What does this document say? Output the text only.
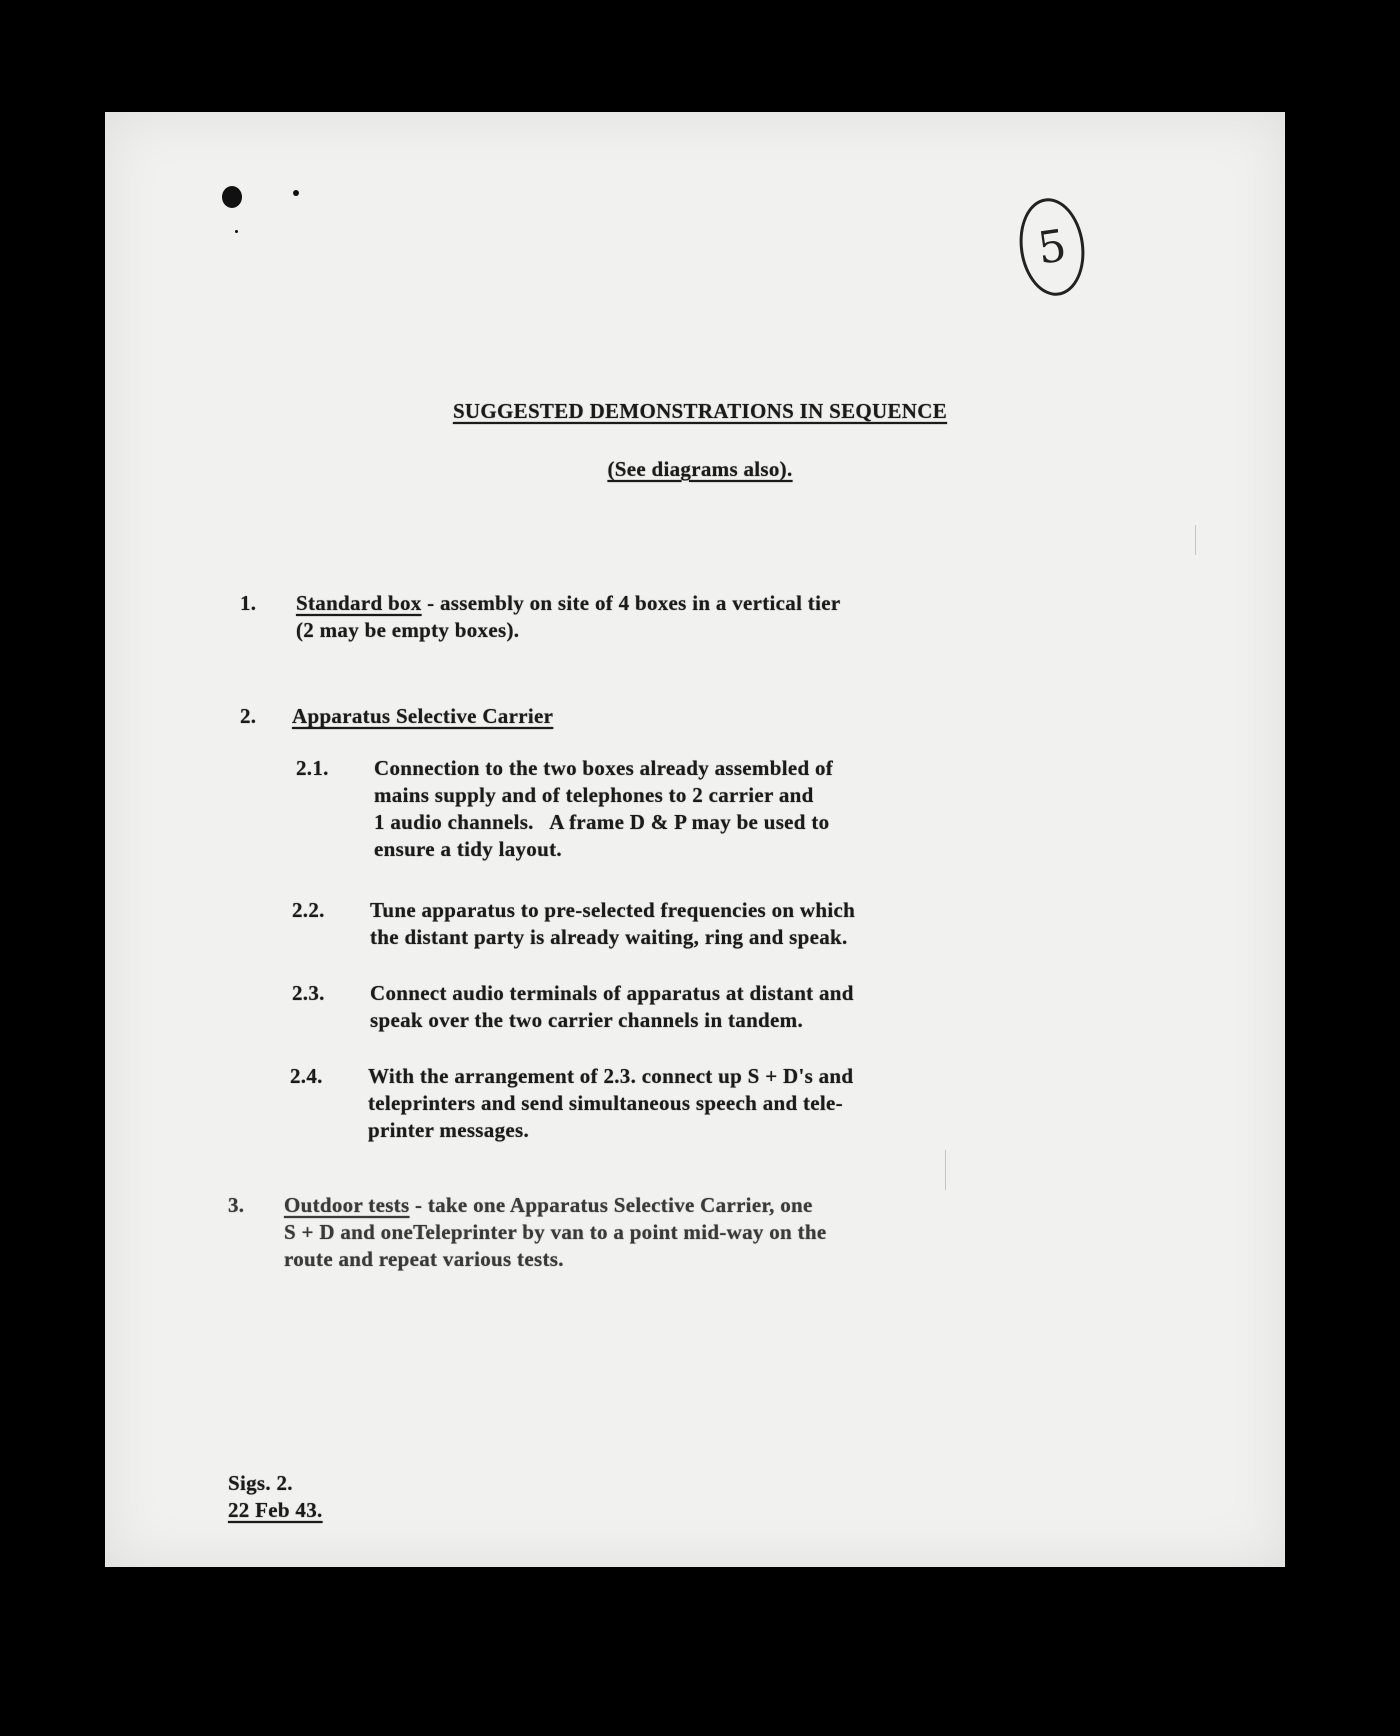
5
SUGGESTED DEMONSTRATIONS IN SEQUENCE
(See diagrams also).
1. Standard box - assembly on site of 4 boxes in a vertical tier
(2 may be empty boxes).
2. Apparatus Selective Carrier
2.1. Connection to the two boxes already assembled of
mains supply and of telephones to 2 carrier and
1 audio channels.   A frame D & P may be used to
ensure a tidy layout.
2.2. Tune apparatus to pre-selected frequencies on which
the distant party is already waiting, ring and speak.
2.3. Connect audio terminals of apparatus at distant and
speak over the two carrier channels in tandem.
2.4. With the arrangement of 2.3. connect up S + D's and
teleprinters and send simultaneous speech and tele-
printer messages.
3. Outdoor tests - take one Apparatus Selective Carrier, one
S + D and oneTeleprinter by van to a point mid-way on the
route and repeat various tests.
Sigs. 2.
22 Feb 43.
